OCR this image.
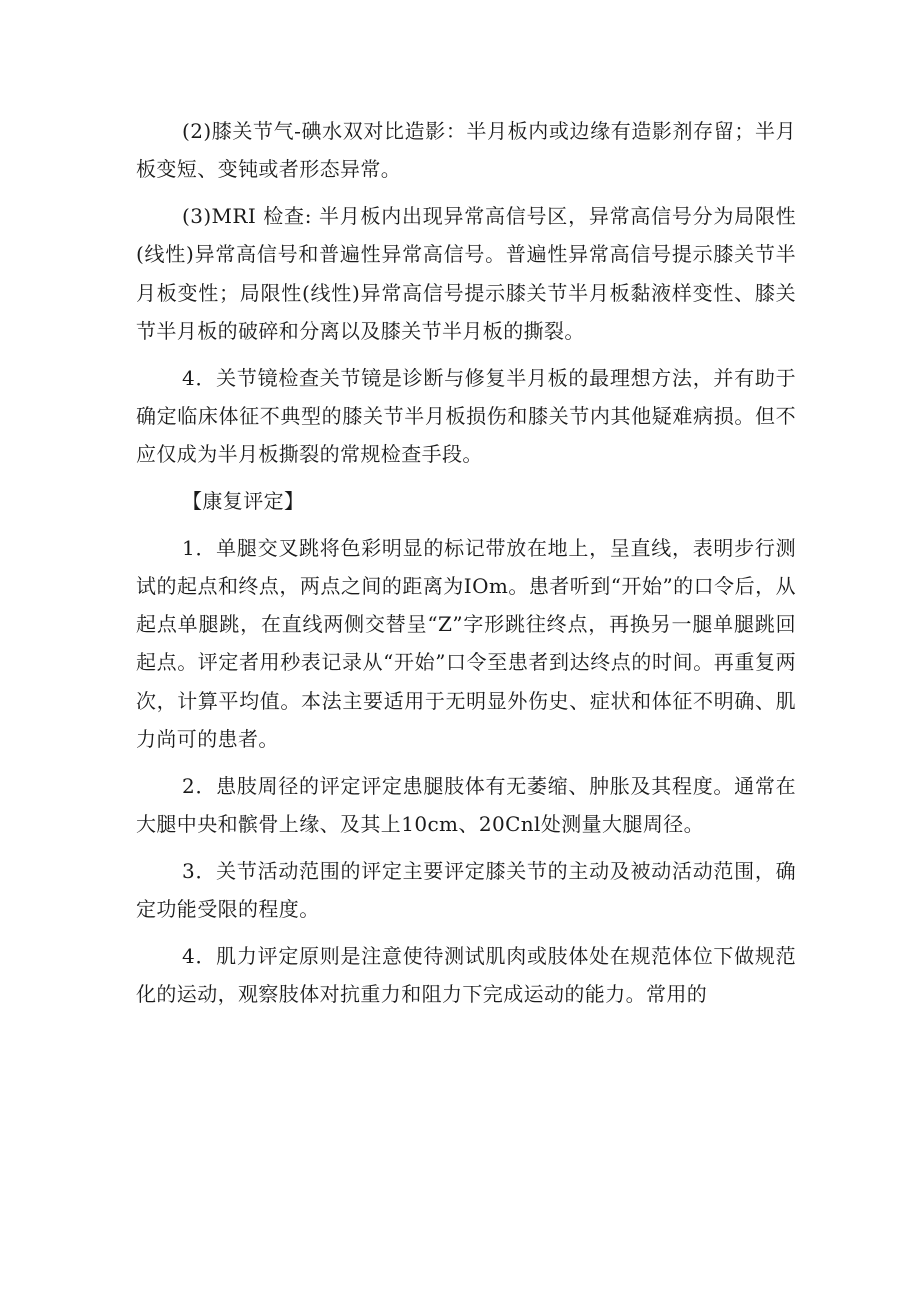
(2)膝关节气-碘水双对比造影：半月板内或边缘有造影剂存留；半月板变短、变钝或者形态异常。

(3)MRI 检查: 半月板内出现异常高信号区，异常高信号分为局限性(线性)异常高信号和普遍性异常高信号。普遍性异常高信号提示膝关节半月板变性；局限性(线性)异常高信号提示膝关节半月板黏液样变性、膝关节半月板的破碎和分离以及膝关节半月板的撕裂。

4．关节镜检查关节镜是诊断与修复半月板的最理想方法，并有助于确定临床体征不典型的膝关节半月板损伤和膝关节内其他疑难病损。但不应仅成为半月板撕裂的常规检查手段。

【康复评定】

1．单腿交叉跳将色彩明显的标记带放在地上，呈直线，表明步行测试的起点和终点，两点之间的距离为IOm。患者听到“开始”的口令后，从起点单腿跳，在直线两侧交替呈“Z”字形跳往终点，再换另一腿单腿跳回起点。评定者用秒表记录从“开始”口令至患者到达终点的时间。再重复两次，计算平均值。本法主要适用于无明显外伤史、症状和体征不明确、肌力尚可的患者。

2．患肢周径的评定评定患腿肢体有无萎缩、肿胀及其程度。通常在大腿中央和髌骨上缘、及其上10cm、20Cnl处测量大腿周径。

3．关节活动范围的评定主要评定膝关节的主动及被动活动范围，确定功能受限的程度。

4．肌力评定原则是注意使待测试肌肉或肢体处在规范体位下做规范化的运动，观察肢体对抗重力和阻力下完成运动的能力。常用的
